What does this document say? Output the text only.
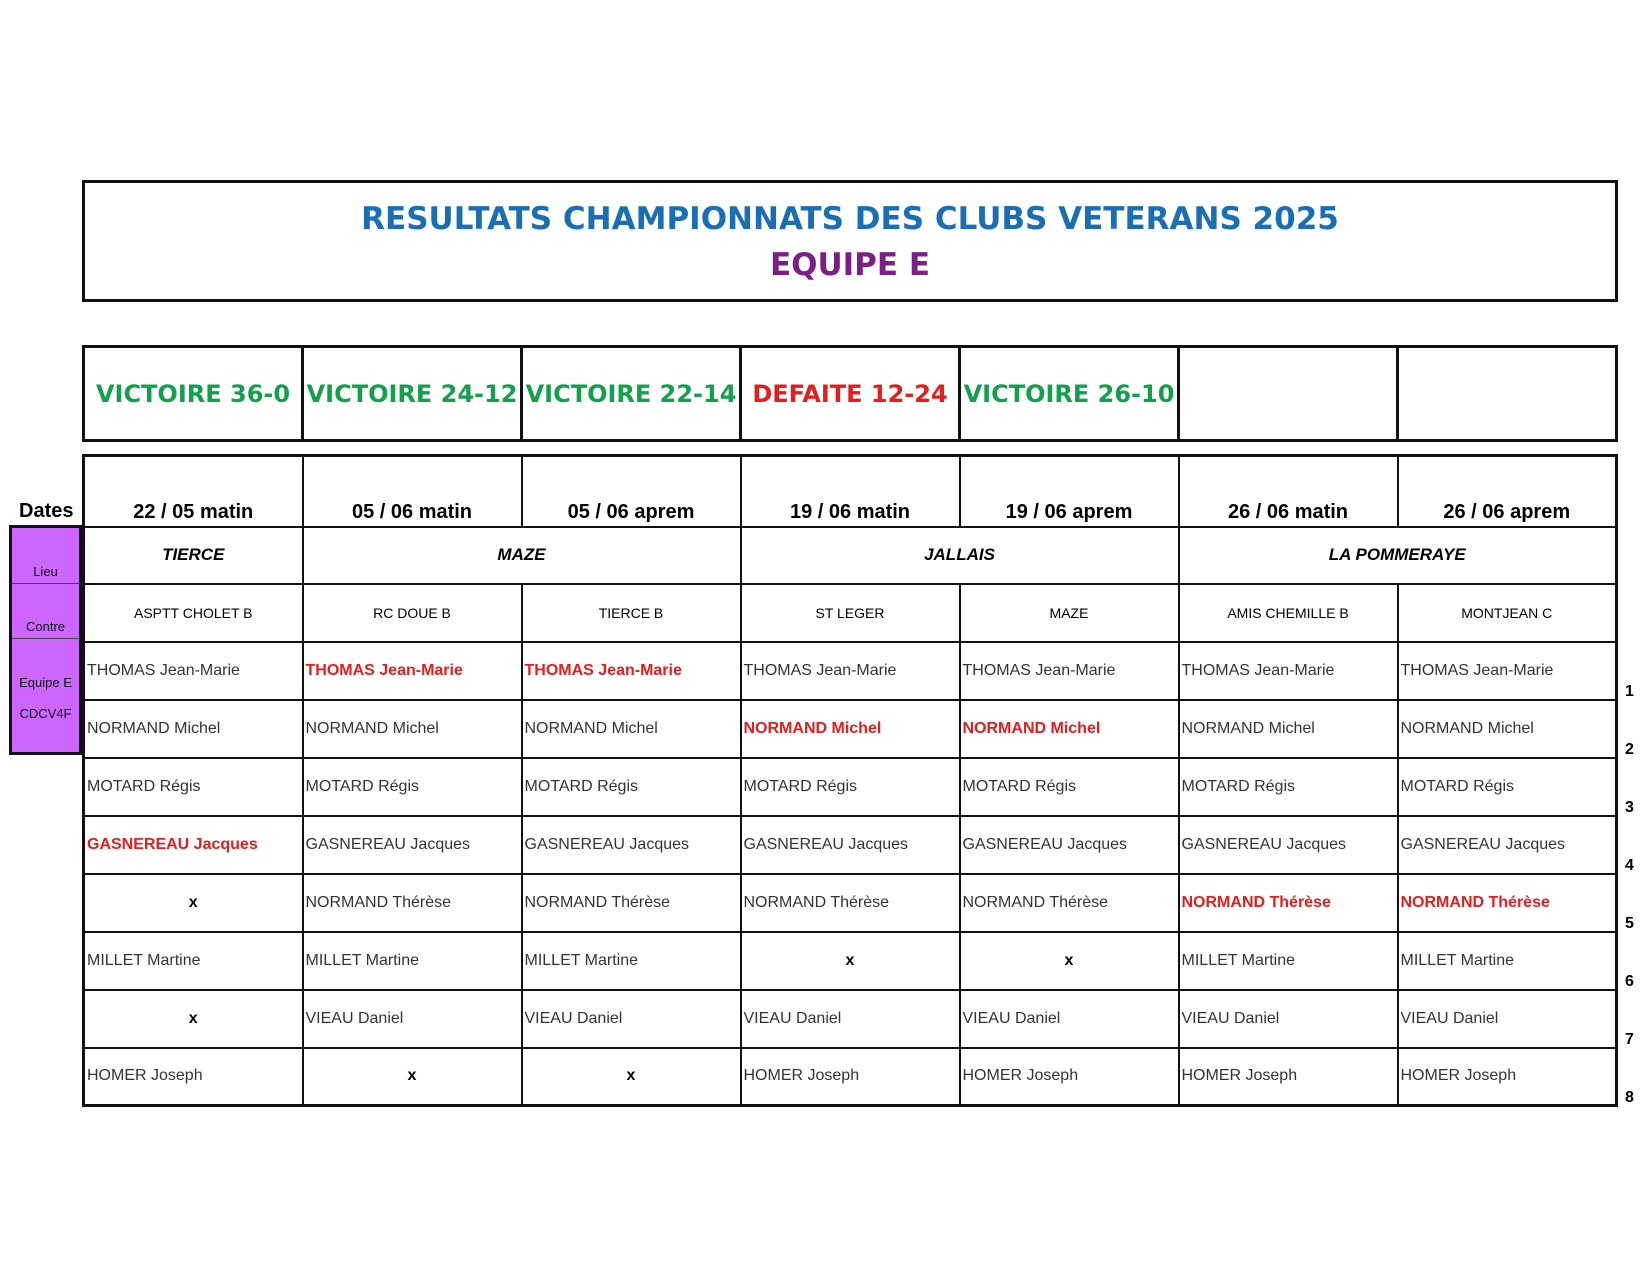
RESULTATS CHAMPIONNATS DES CLUBS VETERANS 2025
EQUIPE E
VICTOIRE 36-0	VICTOIRE 24-12	VICTOIRE 22-14	DEFAITE 12-24	VICTOIRE 26-10		
Dates
Lieu
Contre
Equipe E
CDCV4F
22 / 05 matin	05 / 06 matin	05 / 06 aprem	19 / 06 matin	19 / 06 aprem	26 / 06 matin	26 / 06 aprem
TIERCE	MAZE		JALLAIS		LA POMMERAYE	
ASPTT CHOLET B	RC DOUE B	TIERCE B	ST LEGER	MAZE	AMIS CHEMILLE B	MONTJEAN C
THOMAS Jean-Marie	THOMAS Jean-Marie	THOMAS Jean-Marie	THOMAS Jean-Marie	THOMAS Jean-Marie	THOMAS Jean-Marie	THOMAS Jean-Marie
NORMAND Michel	NORMAND Michel	NORMAND Michel	NORMAND Michel	NORMAND Michel	NORMAND Michel	NORMAND Michel
MOTARD Régis	MOTARD Régis	MOTARD Régis	MOTARD Régis	MOTARD Régis	MOTARD Régis	MOTARD Régis
GASNEREAU Jacques	GASNEREAU Jacques	GASNEREAU Jacques	GASNEREAU Jacques	GASNEREAU Jacques	GASNEREAU Jacques	GASNEREAU Jacques
x	NORMAND Thérèse	NORMAND Thérèse	NORMAND Thérèse	NORMAND Thérèse	NORMAND Thérèse	NORMAND Thérèse
MILLET Martine	MILLET Martine	MILLET Martine	x	x	MILLET Martine	MILLET Martine
x	VIEAU Daniel	VIEAU Daniel	VIEAU Daniel	VIEAU Daniel	VIEAU Daniel	VIEAU Daniel
HOMER Joseph	x	x	HOMER Joseph	HOMER Joseph	HOMER Joseph	HOMER Joseph
1
2
3
4
5
6
7
8
